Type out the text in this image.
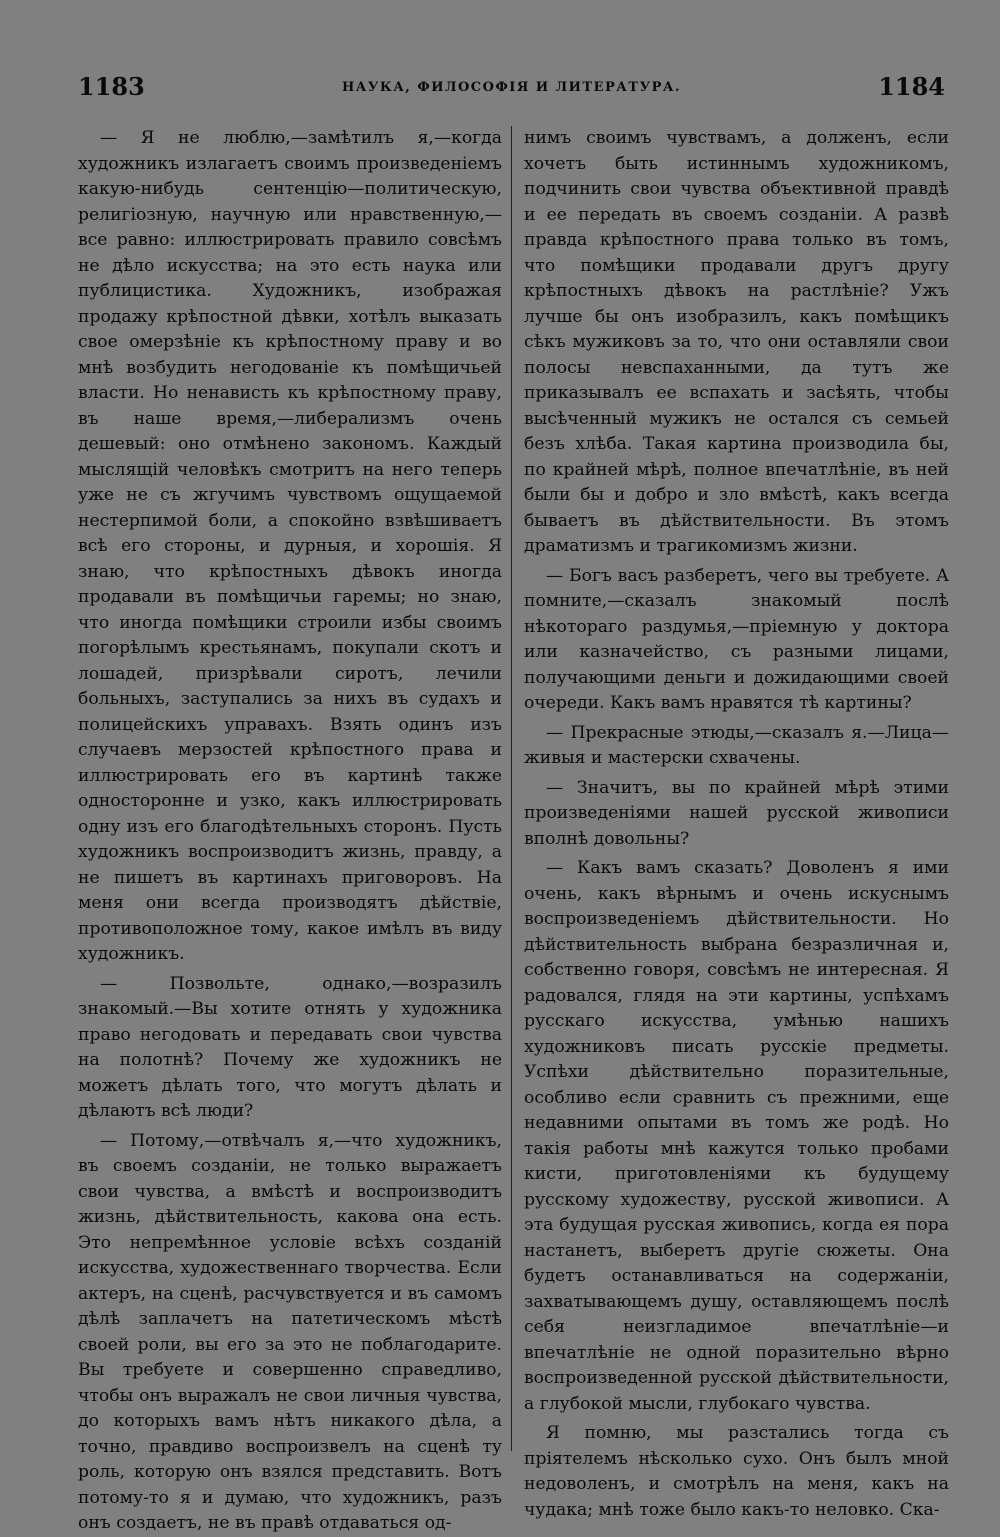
1183	НАУКА, ФИЛОСОФІЯ И ЛИТЕРАТУРА.	1184

— Я не люблю,—замѣтилъ я,—когда художникъ излагаетъ своимъ произведеніемъ какую-нибудь сентенцію—политическую, религіозную, научную или нравственную,—все равно: иллюстрировать правило совсѣмъ не дѣло искусства; на это есть наука или публицистика. Художникъ, изображая продажу крѣпостной дѣвки, хотѣлъ выказать свое омерзѣніе къ крѣпостному праву и во мнѣ возбудить негодованіе къ помѣщичьей власти. Но ненависть къ крѣпостному праву, въ наше время,—либерализмъ очень дешевый: оно отмѣнено закономъ. Каждый мыслящій человѣкъ смотритъ на него теперь уже не съ жгучимъ чувствомъ ощущаемой нестерпимой боли, а спокойно взвѣшиваетъ всѣ его стороны, и дурныя, и хорошія. Я знаю, что крѣпостныхъ дѣвокъ иногда продавали въ помѣщичьи гаремы; но знаю, что иногда помѣщики строили избы своимъ погорѣлымъ крестьянамъ, покупали скотъ и лошадей, призрѣвали сиротъ, лечили больныхъ, заступались за нихъ въ судахъ и полицейскихъ управахъ. Взять одинъ изъ случаевъ мерзостей крѣпостного права и иллюстрировать его въ картинѣ также односторонне и узко, какъ иллюстрировать одну изъ его благодѣтельныхъ сторонъ. Пусть художникъ воспроизводитъ жизнь, правду, а не пишетъ въ картинахъ приговоровъ. На меня они всегда производятъ дѣйствіе, противоположное тому, какое имѣлъ въ виду художникъ.

— Позвольте, однако,—возразилъ знакомый.—Вы хотите отнять у художника право негодовать и передавать свои чувства на полотнѣ? Почему же художникъ не можетъ дѣлать того, что могутъ дѣлать и дѣлаютъ всѣ люди?

— Потому,—отвѣчалъ я,—что художникъ, въ своемъ созданіи, не только выражаетъ свои чувства, а вмѣстѣ и воспроизводитъ жизнь, дѣйствительность, какова она есть. Это непремѣнное условіе всѣхъ созданій искусства, художественнаго творчества. Если актеръ, на сценѣ, расчувствуется и въ самомъ дѣлѣ заплачетъ на патетическомъ мѣстѣ своей роли, вы его за это не поблагодарите. Вы требуете и совершенно справедливо, чтобы онъ выражалъ не свои личныя чувства, до которыхъ вамъ нѣтъ никакого дѣла, а точно, правдиво воспроизвелъ на сценѣ ту роль, которую онъ взялся представить. Вотъ потому-то я и думаю, что художникъ, разъ онъ создаетъ, не въ правѣ отдаваться од-

нимъ своимъ чувствамъ, а долженъ, если хочетъ быть истиннымъ художникомъ, подчинить свои чувства объективной правдѣ и ее передать въ своемъ созданіи. А развѣ правда крѣпостного права только въ томъ, что помѣщики продавали другъ другу крѣпостныхъ дѣвокъ на растлѣніе? Ужъ лучше бы онъ изобразилъ, какъ помѣщикъ сѣкъ мужиковъ за то, что они оставляли свои полосы невспаханными, да тутъ же приказывалъ ее вспахать и засѣять, чтобы высѣченный мужикъ не остался съ семьей безъ хлѣба. Такая картина производила бы, по крайней мѣрѣ, полное впечатлѣніе, въ ней были бы и добро и зло вмѣстѣ, какъ всегда бываетъ въ дѣйствительности. Въ этомъ драматизмъ и трагикомизмъ жизни.

— Богъ васъ разберетъ, чего вы требуете. А помните,—сказалъ знакомый послѣ нѣкотораго раздумья,—пріемную у доктора или казначейство, съ разными лицами, получающими деньги и дожидающими своей очереди. Какъ вамъ нравятся тѣ картины?

— Прекрасные этюды,—сказалъ я.—Лица—живыя и мастерски схвачены.

— Значитъ, вы по крайней мѣрѣ этими произведеніями нашей русской живописи вполнѣ довольны?

— Какъ вамъ сказать? Доволенъ я ими очень, какъ вѣрнымъ и очень искуснымъ воспроизведеніемъ дѣйствительности. Но дѣйствительность выбрана безразличная и, собственно говоря, совсѣмъ не интересная. Я радовался, глядя на эти картины, успѣхамъ русскаго искусства, умѣнью нашихъ художниковъ писать русскіе предметы. Успѣхи дѣйствительно поразительные, особливо если сравнить съ прежними, еще недавними опытами въ томъ же родѣ. Но такія работы мнѣ кажутся только пробами кисти, приготовленіями къ будущему русскому художеству, русской живописи. А эта будущая русская живопись, когда ея пора настанетъ, выберетъ другіе сюжеты. Она будетъ останавливаться на содержаніи, захватывающемъ душу, оставляющемъ послѣ себя неизгладимое впечатлѣніе—и впечатлѣніе не одной поразительно вѣрно воспроизведенной русской дѣйствительности, а глубокой мысли, глубокаго чувства.

Я помню, мы разстались тогда съ пріятелемъ нѣсколько сухо. Онъ былъ мной недоволенъ, и смотрѣлъ на меня, какъ на чудака; мнѣ тоже было какъ-то неловко. Ска-
